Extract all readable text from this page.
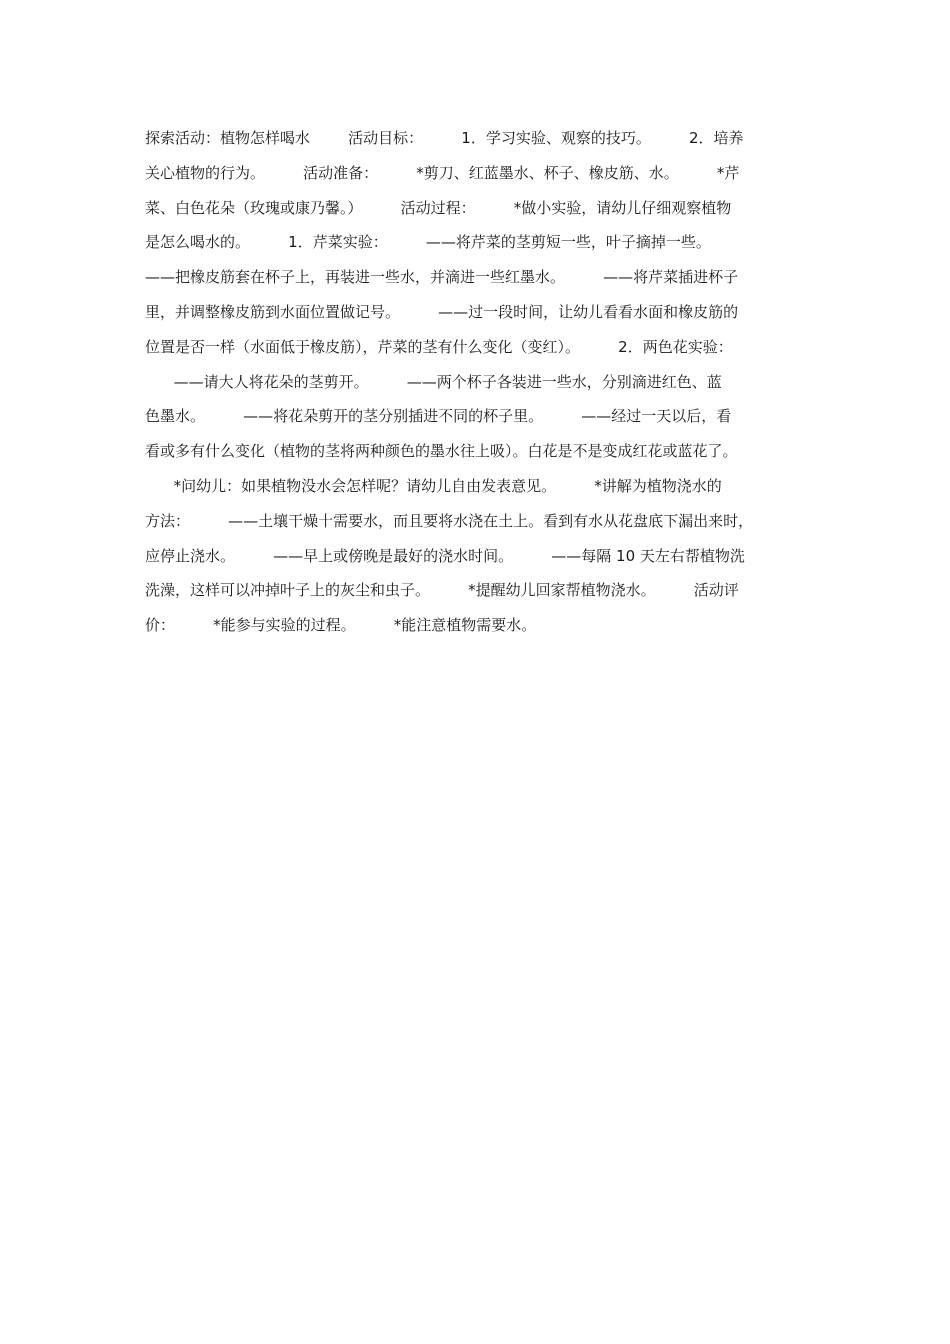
探索活动：植物怎样喝水        活动目标：        1．学习实验、观察的技巧。        2．培养
关心植物的行为。        活动准备：        *剪刀、红蓝墨水、杯子、橡皮筋、水。        *芹
菜、白色花朵（玫瑰或康乃馨。）        活动过程：        *做小实验，请幼儿仔细观察植物
是怎么喝水的。        1．芹菜实验：        ——将芹菜的茎剪短一些，叶子摘掉一些。
——把橡皮筋套在杯子上，再装进一些水，并滴进一些红墨水。        ——将芹菜插进杯子
里，并调整橡皮筋到水面位置做记号。        ——过一段时间，让幼儿看看水面和橡皮筋的
位置是否一样（水面低于橡皮筋），芹菜的茎有什么变化（变红）。        2．两色花实验：
——请大人将花朵的茎剪开。        ——两个杯子各装进一些水，分别滴进红色、蓝
色墨水。        ——将花朵剪开的茎分别插进不同的杯子里。        ——经过一天以后，看
看或多有什么变化（植物的茎将两种颜色的墨水往上吸）。白花是不是变成红花或蓝花了。
*问幼儿：如果植物没水会怎样呢？请幼儿自由发表意见。        *讲解为植物浇水的
方法：        ——土壤干燥十需要水，而且要将水浇在土上。看到有水从花盘底下漏出来时，
应停止浇水。        ——早上或傍晚是最好的浇水时间。        ——每隔 10 天左右帮植物洗
洗澡，这样可以冲掉叶子上的灰尘和虫子。        *提醒幼儿回家帮植物浇水。        活动评
价：        *能参与实验的过程。        *能注意植物需要水。
